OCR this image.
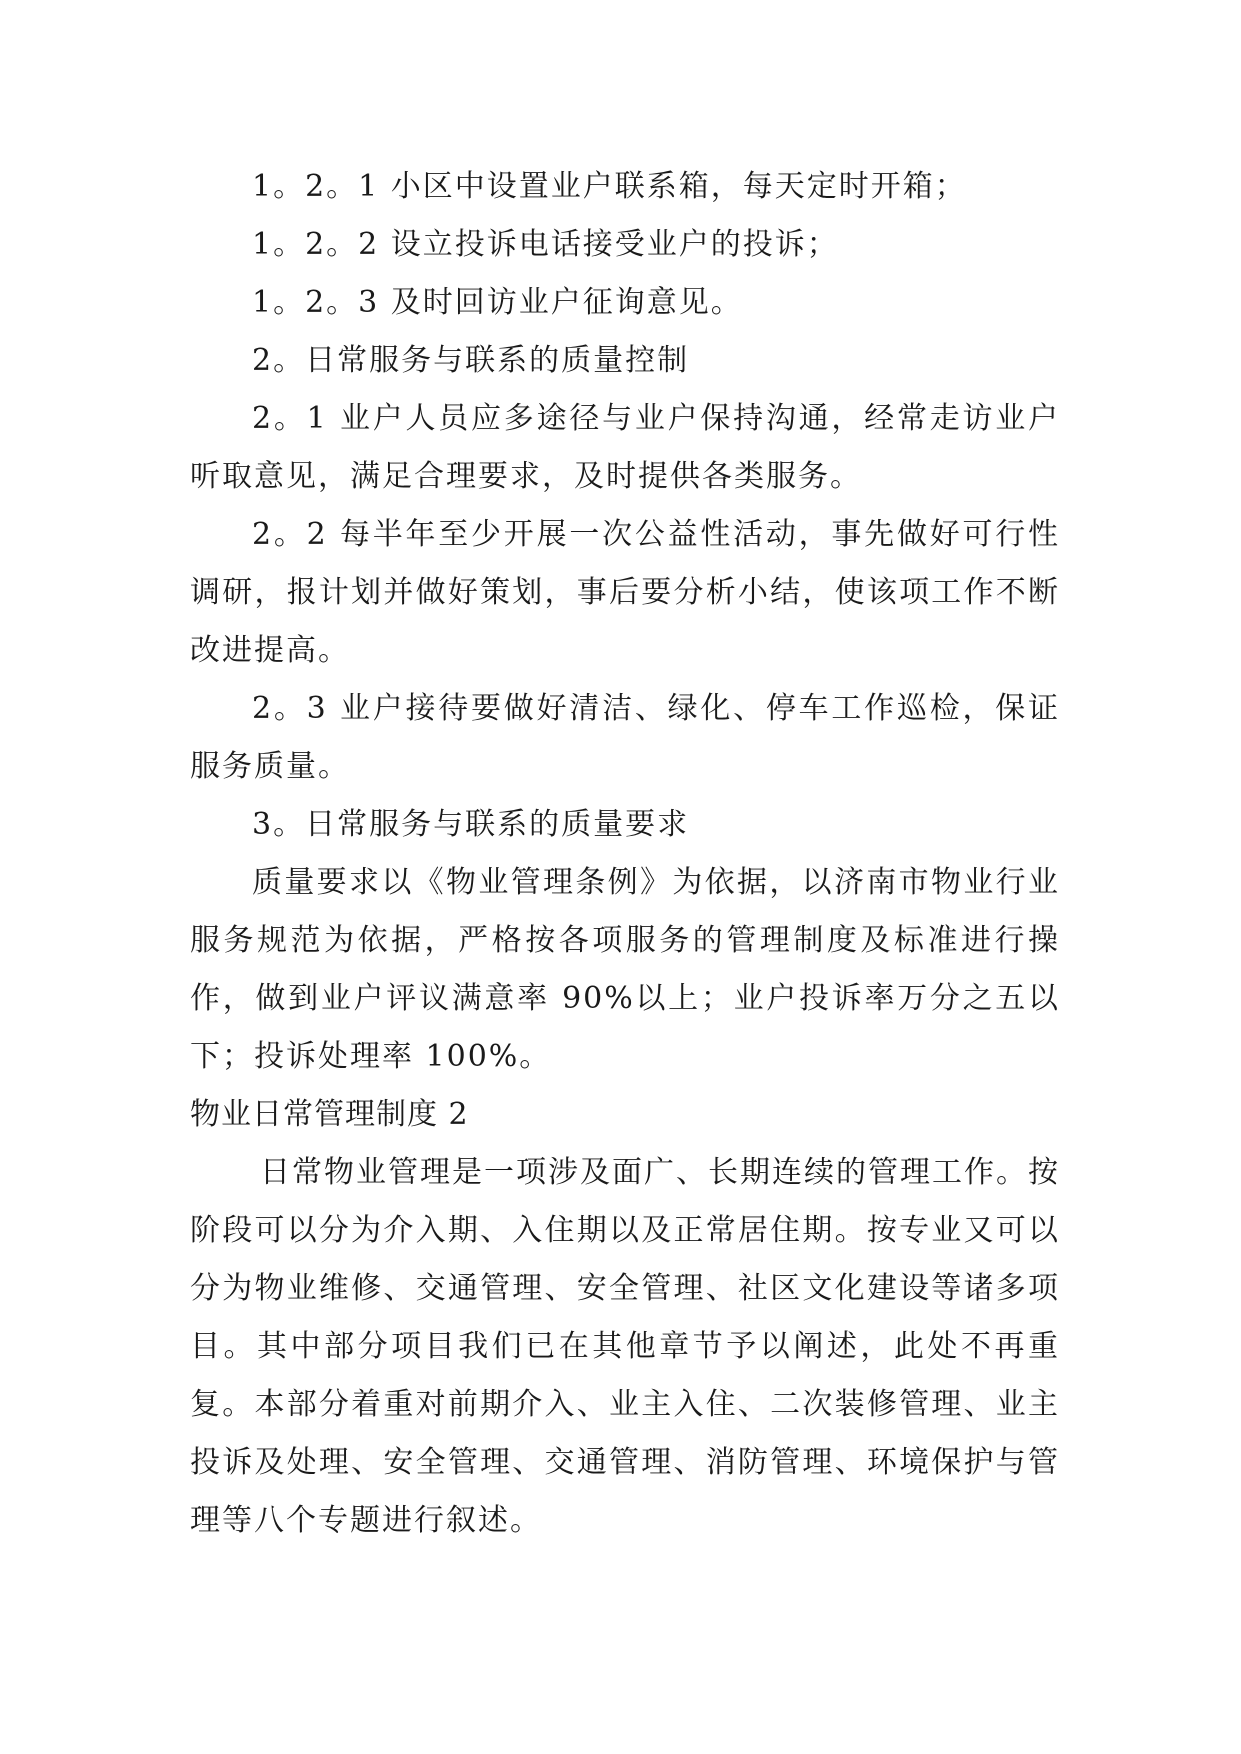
1。2。1 小区中设置业户联系箱，每天定时开箱；

1。2。2 设立投诉电话接受业户的投诉；

1。2。3 及时回访业户征询意见。

2。日常服务与联系的质量控制

2。1 业户人员应多途径与业户保持沟通，经常走访业户听取意见，满足合理要求，及时提供各类服务。

2。2 每半年至少开展一次公益性活动，事先做好可行性调研，报计划并做好策划，事后要分析小结，使该项工作不断改进提高。

2。3 业户接待要做好清洁、绿化、停车工作巡检，保证服务质量。

3。日常服务与联系的质量要求

质量要求以《物业管理条例》为依据，以济南市物业行业服务规范为依据，严格按各项服务的管理制度及标准进行操作，做到业户评议满意率 90%以上；业户投诉率万分之五以下；投诉处理率 100%。

物业日常管理制度 2

日常物业管理是一项涉及面广、长期连续的管理工作。按阶段可以分为介入期、入住期以及正常居住期。按专业又可以分为物业维修、交通管理、安全管理、社区文化建设等诸多项目。其中部分项目我们已在其他章节予以阐述，此处不再重复。本部分着重对前期介入、业主入住、二次装修管理、业主投诉及处理、安全管理、交通管理、消防管理、环境保护与管理等八个专题进行叙述。
